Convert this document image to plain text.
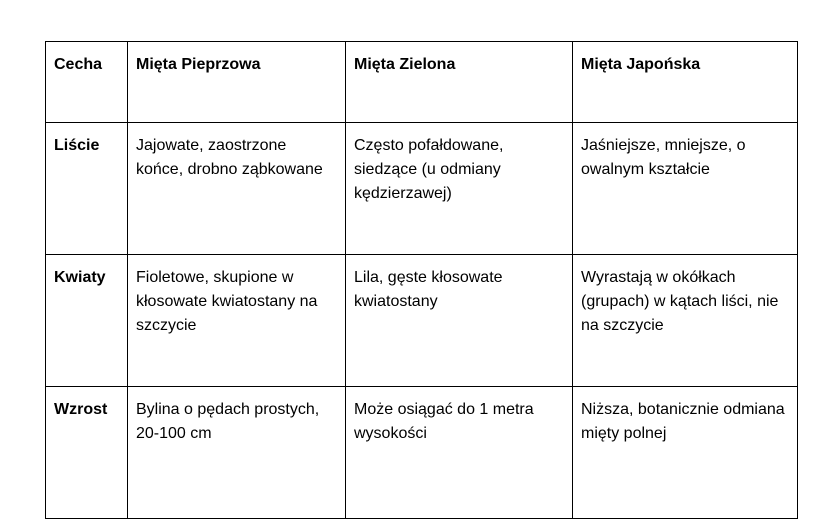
Cecha	Mięta Pieprzowa	Mięta Zielona	Mięta Japońska
Liście	Jajowate, zaostrzone końce, drobno ząbkowane	Często pofałdowane, siedzące (u odmiany kędzierzawej)	Jaśniejsze, mniejsze, o owalnym kształcie
Kwiaty	Fioletowe, skupione w kłosowate kwiatostany na szczycie	Lila, gęste kłosowate kwiatostany	Wyrastają w okółkach (grupach) w kątach liści, nie na szczycie
Wzrost	Bylina o pędach prostych, 20-100 cm	Może osiągać do 1 metra wysokości	Niższa, botanicznie odmiana mięty polnej
